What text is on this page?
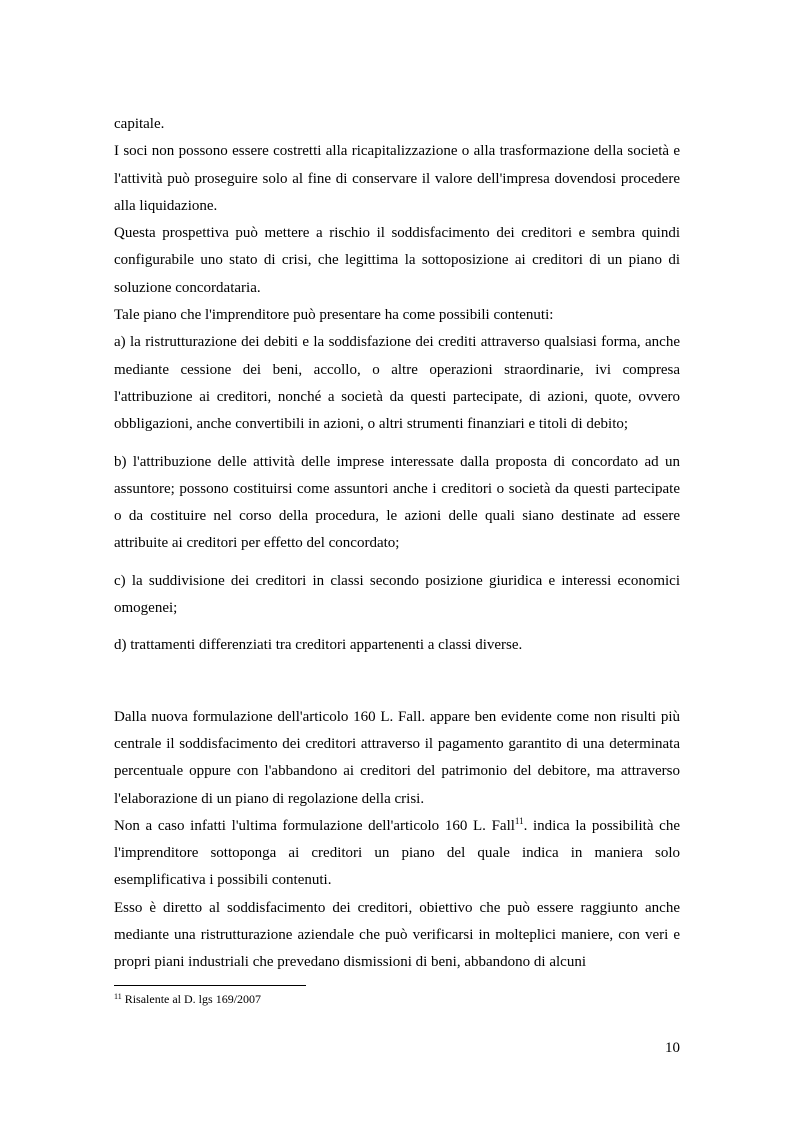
capitale.

I soci non possono essere costretti alla ricapitalizzazione o alla trasformazione della società e l'attività può proseguire solo al fine di conservare il valore dell'impresa dovendosi procedere alla liquidazione.

Questa prospettiva può mettere a rischio il soddisfacimento dei creditori e sembra quindi configurabile uno stato di crisi, che legittima la sottoposizione ai creditori di un piano di soluzione concordataria.

Tale piano che l'imprenditore può presentare ha come possibili contenuti:

a) la ristrutturazione dei debiti e la soddisfazione dei crediti attraverso qualsiasi forma, anche mediante cessione dei beni, accollo, o altre operazioni straordinarie, ivi compresa l'attribuzione ai creditori, nonché a società da questi partecipate, di azioni, quote, ovvero obbligazioni, anche convertibili in azioni, o altri strumenti finanziari e titoli di debito;

b) l'attribuzione delle attività delle imprese interessate dalla proposta di concordato ad un assuntore; possono costituirsi come assuntori anche i creditori o società da questi partecipate o da costituire nel corso della procedura, le azioni delle quali siano destinate ad essere attribuite ai creditori per effetto del concordato;

c) la suddivisione dei creditori in classi secondo posizione giuridica e interessi economici omogenei;

d) trattamenti differenziati tra creditori appartenenti a classi diverse.

Dalla nuova formulazione dell'articolo 160 L. Fall. appare ben evidente come non risulti più centrale il soddisfacimento dei creditori attraverso il pagamento garantito di una determinata percentuale oppure con l'abbandono ai creditori del patrimonio del debitore, ma attraverso l'elaborazione di un piano di regolazione della crisi.

Non a caso infatti l'ultima formulazione dell'articolo 160 L. Fall$^{11}$. indica la possibilità che l'imprenditore sottoponga ai creditori un piano del quale indica in maniera solo esemplificativa i possibili contenuti.

Esso è diretto al soddisfacimento dei creditori, obiettivo che può essere raggiunto anche mediante una ristrutturazione aziendale che può verificarsi in molteplici maniere, con veri e propri piani industriali che prevedano dismissioni di beni, abbandono di alcuni

$^{11}$ Risalente al D. lgs 169/2007
10
